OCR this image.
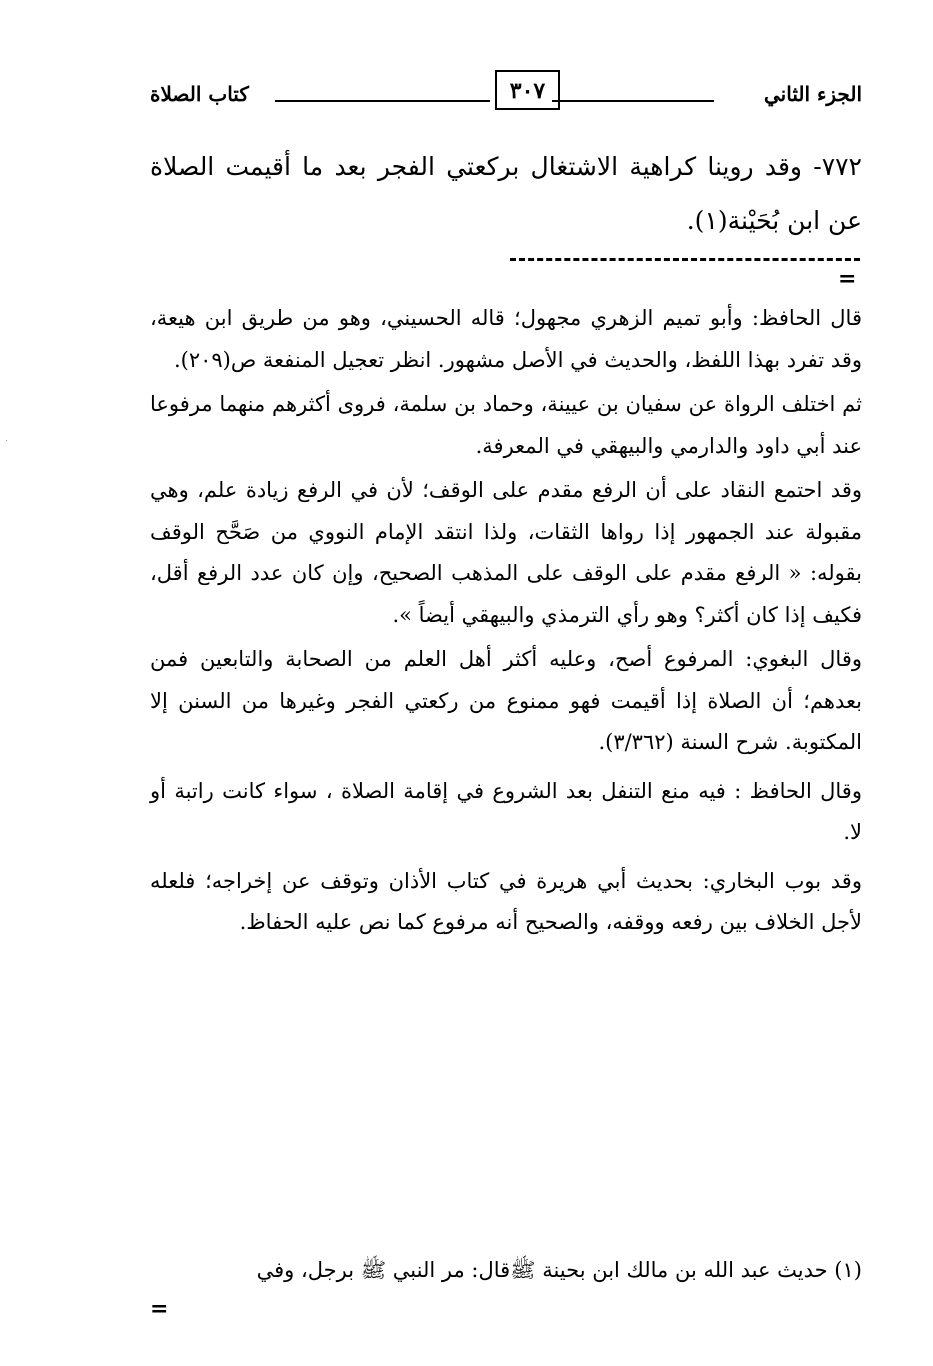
الجزء الثاني
٣٠٧
كتاب الصلاة

٧٧٢- وقد روينا كراهية الاشتغال بركعتي الفجر بعد ما أقيمت الصلاة عن ابن بُحَيْنة(١).

=

قال الحافظ: وأبو تميم الزهري مجهول؛ قاله الحسيني، وهو من طريق ابن هيعة، وقد تفرد بهذا اللفظ، والحديث في الأصل مشهور. انظر تعجيل المنفعة ص(٢٠٩).

ثم اختلف الرواة عن سفيان بن عيينة، وحماد بن سلمة، فروى أكثرهم منهما مرفوعا عند أبي داود والدارمي والبيهقي في المعرفة.

وقد احتمع النقاد على أن الرفع مقدم على الوقف؛ لأن في الرفع زيادة علم، وهي مقبولة عند الجمهور إذا رواها الثقات، ولذا انتقد الإمام النووي من صَحَّح الوقف بقوله: « الرفع مقدم على الوقف على المذهب الصحيح، وإن كان عدد الرفع أقل، فكيف إذا كان أكثر؟ وهو رأي الترمذي والبيهقي أيضاً ».

وقال البغوي: المرفوع أصح، وعليه أكثر أهل العلم من الصحابة والتابعين فمن بعدهم؛ أن الصلاة إذا أقيمت فهو ممنوع من ركعتي الفجر وغيرها من السنن إلا المكتوبة. شرح السنة (٣/٣٦٢).

وقال الحافظ : فيه منع التنفل بعد الشروع في إقامة الصلاة ، سواء كانت راتبة أو لا.

وقد بوب البخاري: بحديث أبي هريرة في كتاب الأذان وتوقف عن إخراجه؛ فلعله لأجل الخلاف بين رفعه ووقفه، والصحيح أنه مرفوع كما نص عليه الحفاظ.

(١) حديث عبد الله بن مالك ابن بحينة ﷺقال: مر النبي ﷺ برجل، وفي
=
